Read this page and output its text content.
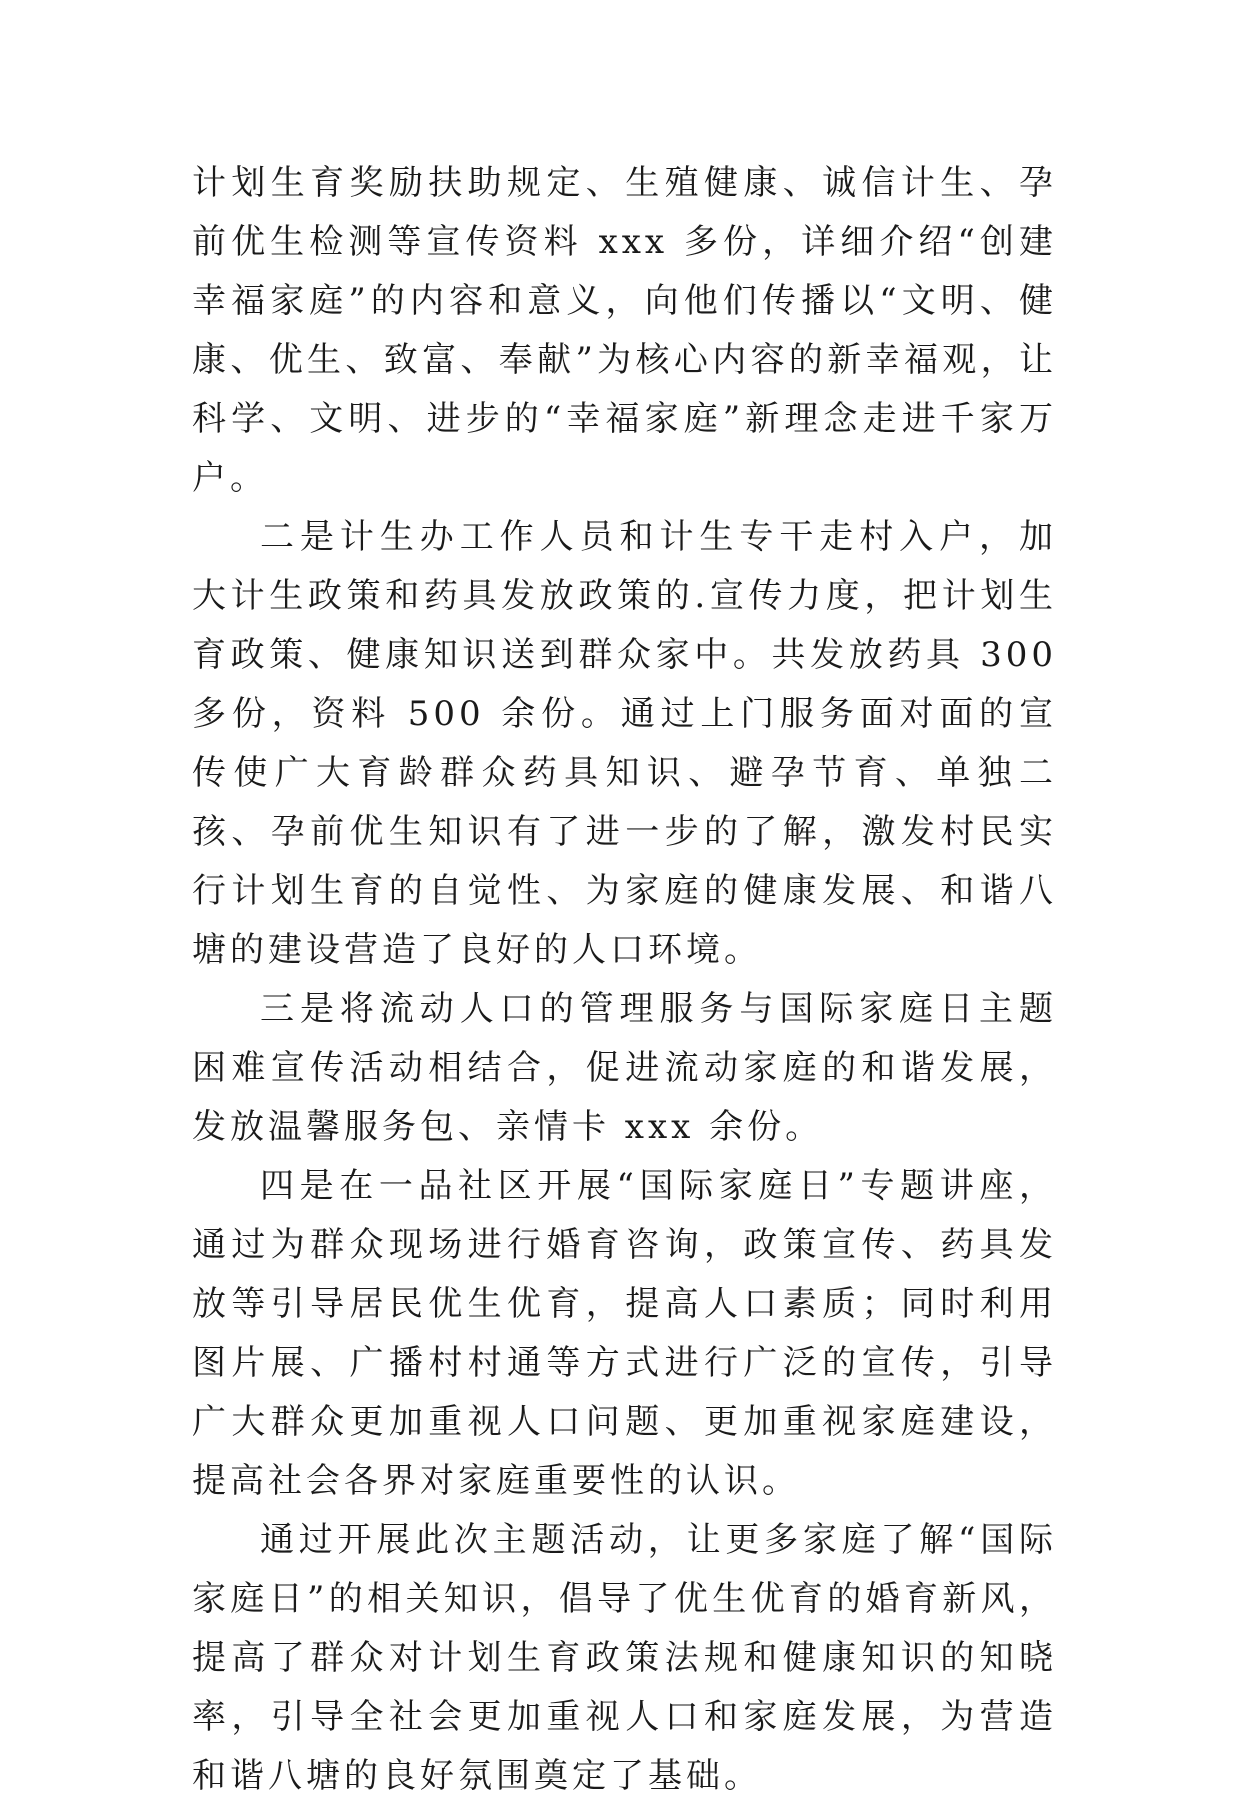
计划生育奖励扶助规定、生殖健康、诚信计生、孕前优生检测等宣传资料 xxx 多份，详细介绍“创建幸福家庭”的内容和意义，向他们传播以“文明、健康、优生、致富、奉献”为核心内容的新幸福观，让科学、文明、进步的“幸福家庭”新理念走进千家万户。

二是计生办工作人员和计生专干走村入户，加大计生政策和药具发放政策的.宣传力度，把计划生育政策、健康知识送到群众家中。共发放药具 300 多份，资料 500 余份。通过上门服务面对面的宣传使广大育龄群众药具知识、避孕节育、单独二孩、孕前优生知识有了进一步的了解，激发村民实行计划生育的自觉性、为家庭的健康发展、和谐八塘的建设营造了良好的人口环境。

三是将流动人口的管理服务与国际家庭日主题困难宣传活动相结合，促进流动家庭的和谐发展，发放温馨服务包、亲情卡 xxx 余份。

四是在一品社区开展“国际家庭日”专题讲座，通过为群众现场进行婚育咨询，政策宣传、药具发放等引导居民优生优育，提高人口素质；同时利用图片展、广播村村通等方式进行广泛的宣传，引导广大群众更加重视人口问题、更加重视家庭建设，提高社会各界对家庭重要性的认识。

通过开展此次主题活动，让更多家庭了解“国际家庭日”的相关知识，倡导了优生优育的婚育新风，提高了群众对计划生育政策法规和健康知识的知晓率，引导全社会更加重视人口和家庭发展，为营造和谐八塘的良好氛围奠定了基础。
